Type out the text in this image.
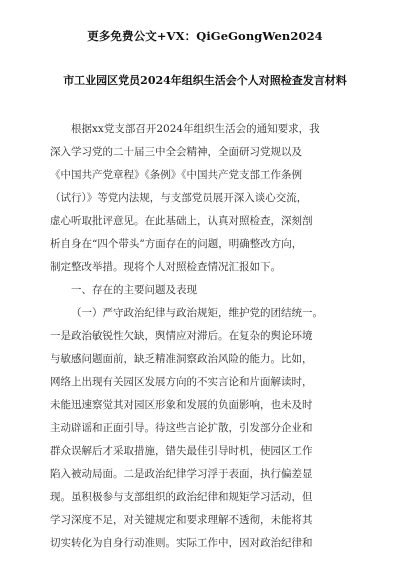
更多免费公文+VX：QiGeGongWen2024
市工业园区党员2024年组织生活会个人对照检查发言材料
根据xx党支部召开2024年组织生活会的通知要求，我
深入学习党的二十届三中全会精神，全面研习党规以及
《中国共产党章程》《条例》《中国共产党支部工作条例
（试行）》等党内法规，与支部党员展开深入谈心交流，
虚心听取批评意见。在此基础上，认真对照检查，深刻剖
析自身在“四个带头”方面存在的问题，明确整改方向，
制定整改举措。现将个人对照检查情况汇报如下。
一、存在的主要问题及表现
（一）严守政治纪律与政治规矩，维护党的团结统一。
一是政治敏锐性欠缺，舆情应对滞后。在复杂的舆论环境
与敏感问题面前，缺乏精准洞察政治风险的能力。比如，
网络上出现有关园区发展方向的不实言论和片面解读时，
未能迅速察觉其对园区形象和发展的负面影响，也未及时
主动辟谣和正面引导。待这些言论扩散，引发部分企业和
群众误解后才采取措施，错失最佳引导时机，使园区工作
陷入被动局面。二是政治纪律学习浮于表面，执行偏差显
现。虽积极参与支部组织的政治纪律和规矩学习活动，但
学习深度不足，对关键规定和要求理解不透彻，未能将其
切实转化为自身行动准则。实际工作中，因对政治纪律和
